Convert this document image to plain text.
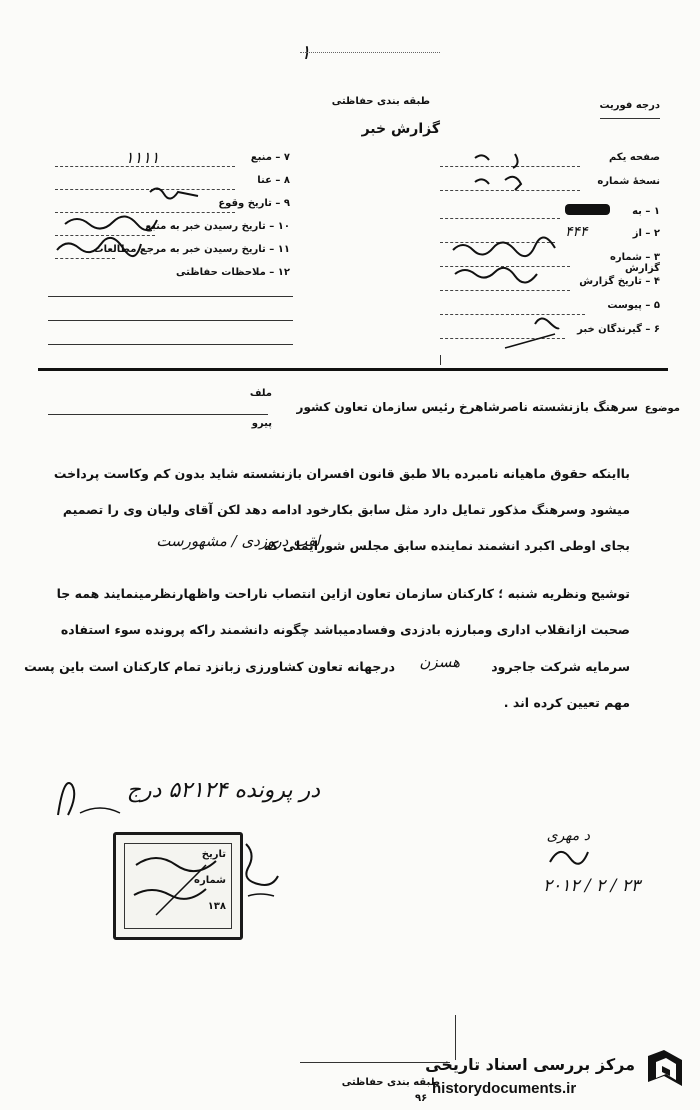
۱
طبقه بندی حفاظتی
گزارش خبر
درجه فوریت
۷ – منبع
۱۱۱۱
۸ – عنا
۹ – تاریخ وقوع
۱۰ – تاریخ رسیدن خبر به منبع
۱۱ – تاریخ رسیدن خبر به مرجع مطالعات
۱۲ – ملاحظات حفاظتی
صفحه یکم
نسخهٔ شماره
۱ – به
۲ – از
۴۴۴
۳ – شماره گزارش
۴ – تاریخ گزارش
۵ – پیوست
۶ – گیرندگان خبر
موضوع
سرهنگ بازنشسته ناصرشاهرخ رئیس سازمان تعاون کشور
ملف
پیرو
بااینکه حقوق ماهیانه نامبرده بالا طبق قانون افسران بازنشسته شاید بدون کم وکاست پرداخت
میشود وسرهنگ مذکور تمایل دارد مثل سابق بکارخود ادامه دهد لکن آقای ولیان وی را تصمیم
بجای اوطی اکبرد انشمند نماینده سابق مجلس شورایملی که
لقب دروزدی / مشهورست
توشیح ونظریه شنبه ؛ کارکنان سازمان تعاون ازاین انتصاب ناراحت واظهارنظرمینمایند همه جا
صحبت ازانقلاب اداری ومبارزه بادزدی وفسادمیباشد چگونه دانشمند راکه پرونده سوء استفاده
سرمایه شرکت جاجرود
هسزن
درجهانه تعاون کشاورزی زبانزد تمام کارکنان است باین پست
مهم تعیین کرده اند .
در پرونده ۵۲۱۲۴ درج
د مهری
۲۳ / ۲ / ۲۰۱۲
تاریخ
شماره
۱۳۸
طبقه بندی حفاظتی
۹۶
مرکز بررسی اسناد تاریخی
historydocuments.ir
